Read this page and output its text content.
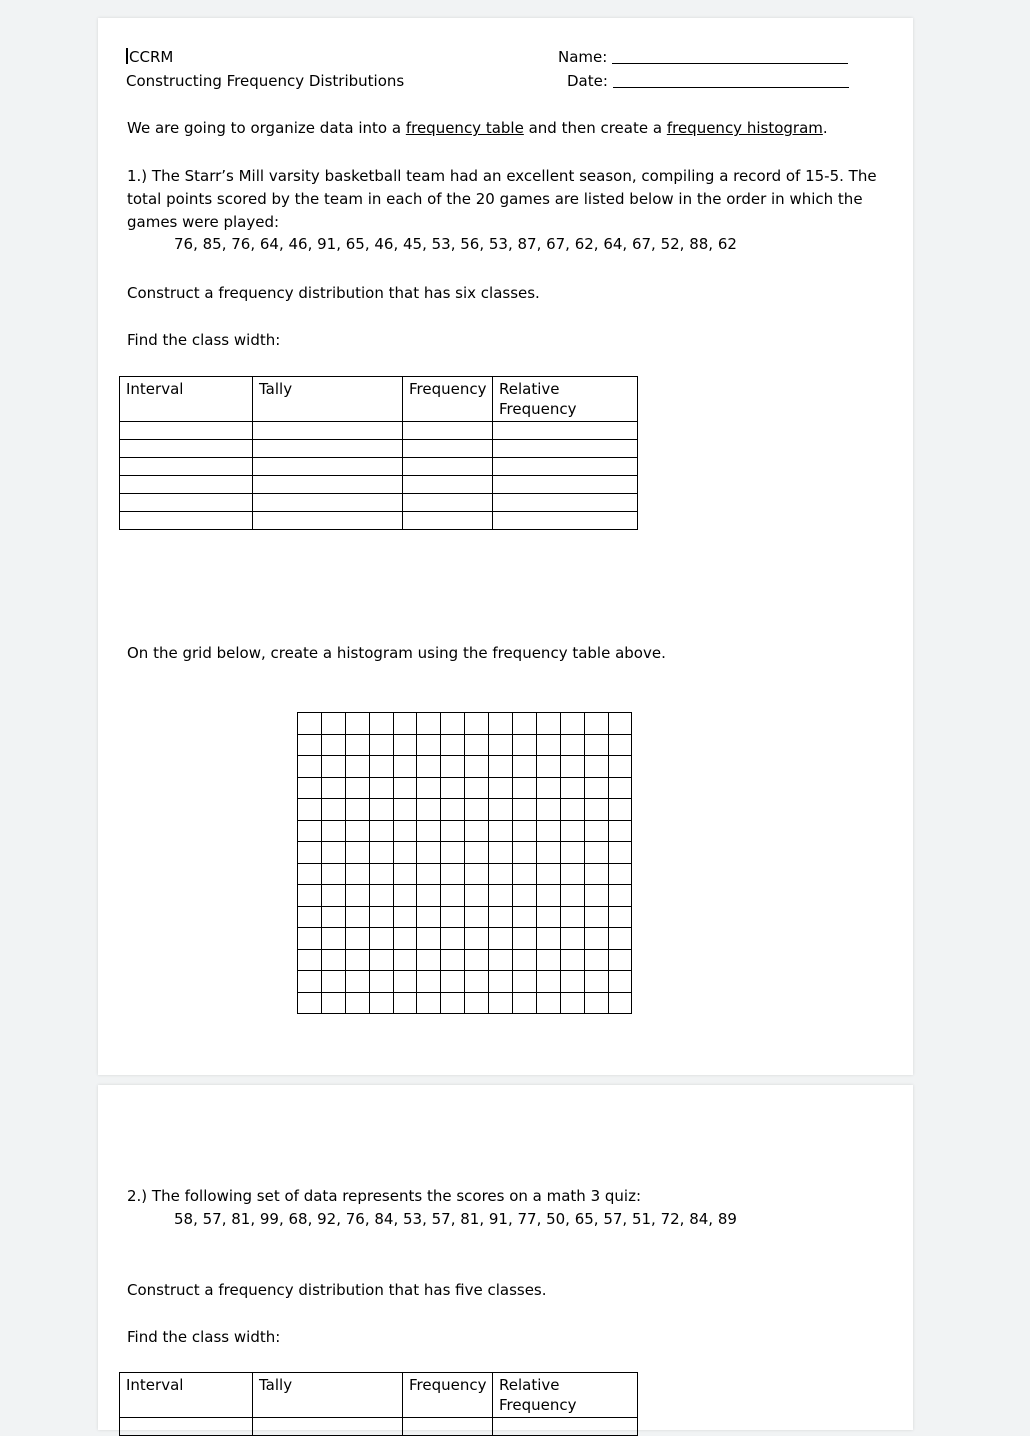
CCRM
Constructing Frequency Distributions
Name:
Date:
We are going to organize data into a frequency table and then create a frequency histogram.
1.) The Starr’s Mill varsity basketball team had an excellent season, compiling a record of 15-5. The total points scored by the team in each of the 20 games are listed below in the order in which the games were played:
76, 85, 76, 64, 46, 91, 65, 46, 45, 53, 56, 53, 87, 67, 62, 64, 67, 52, 88, 62
Construct a frequency distribution that has six classes.
Find the class width:
Interval	Tally	Frequency	Relative Frequency

On the grid below, create a histogram using the frequency table above.

2.) The following set of data represents the scores on a math 3 quiz:
58, 57, 81, 99, 68, 92, 76, 84, 53, 57, 81, 91, 77, 50, 65, 57, 51, 72, 84, 89
Construct a frequency distribution that has five classes.
Find the class width:
Interval	Tally	Frequency	Relative Frequency
